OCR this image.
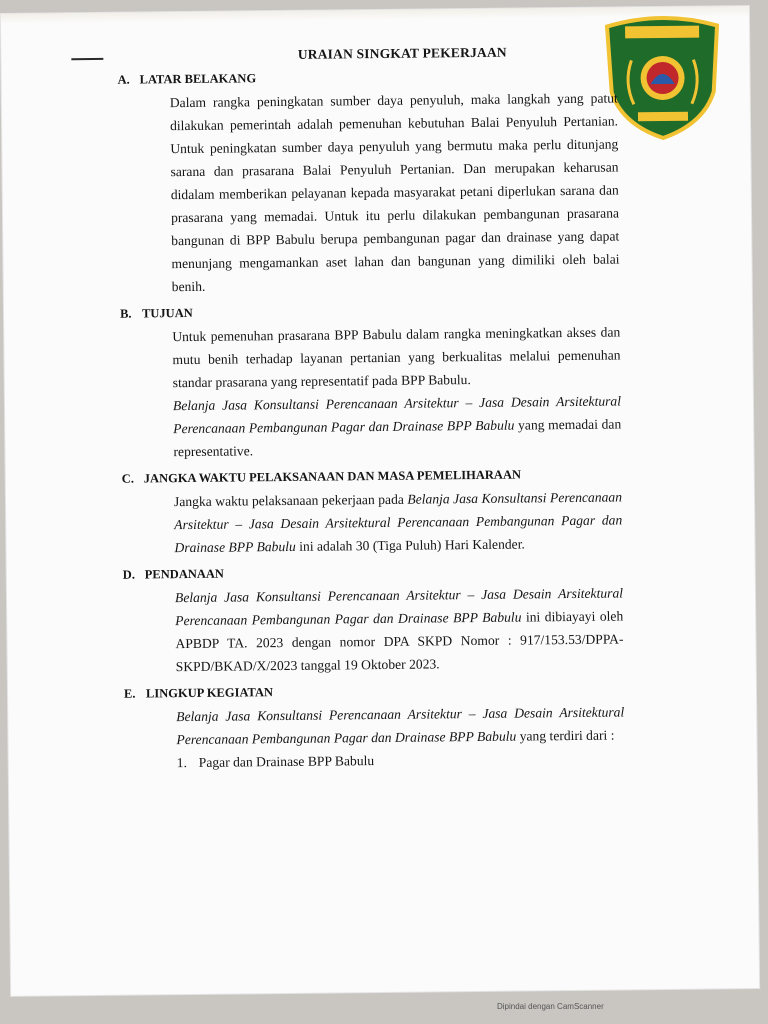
URAIAN SINGKAT PEKERJAAN
A. LATAR BELAKANG
Dalam rangka peningkatan sumber daya penyuluh, maka langkah yang patut dilakukan pemerintah adalah pemenuhan kebutuhan Balai Penyuluh Pertanian. Untuk peningkatan sumber daya penyuluh yang bermutu maka perlu ditunjang sarana dan prasarana Balai Penyuluh Pertanian. Dan merupakan keharusan didalam memberikan pelayanan kepada masyarakat petani diperlukan sarana dan prasarana yang memadai. Untuk itu perlu dilakukan pembangunan prasarana bangunan di BPP Babulu berupa pembangunan pagar dan drainase yang dapat menunjang mengamankan aset lahan dan bangunan yang dimiliki oleh balai benih.
B. TUJUAN
Untuk pemenuhan prasarana BPP Babulu dalam rangka meningkatkan akses dan mutu benih terhadap layanan pertanian yang berkualitas melalui pemenuhan standar prasarana yang representatif pada BPP Babulu.
Belanja Jasa Konsultansi Perencanaan Arsitektur – Jasa Desain Arsitektural Perencanaan Pembangunan Pagar dan Drainase BPP Babulu yang memadai dan representative.
C. JANGKA WAKTU PELAKSANAAN DAN MASA PEMELIHARAAN
Jangka waktu pelaksanaan pekerjaan pada Belanja Jasa Konsultansi Perencanaan Arsitektur – Jasa Desain Arsitektural Perencanaan Pembangunan Pagar dan Drainase BPP Babulu ini adalah 30 (Tiga Puluh) Hari Kalender.
D. PENDANAAN
Belanja Jasa Konsultansi Perencanaan Arsitektur – Jasa Desain Arsitektural Perencanaan Pembangunan Pagar dan Drainase BPP Babulu ini dibiayayi oleh APBDP TA. 2023 dengan nomor DPA SKPD Nomor : 917/153.53/DPPA-SKPD/BKAD/X/2023 tanggal 19 Oktober 2023.
E. LINGKUP KEGIATAN
Belanja Jasa Konsultansi Perencanaan Arsitektur – Jasa Desain Arsitektural Perencanaan Pembangunan Pagar dan Drainase BPP Babulu yang terdiri dari :
1. Pagar dan Drainase BPP Babulu
Dipindai dengan CamScanner
